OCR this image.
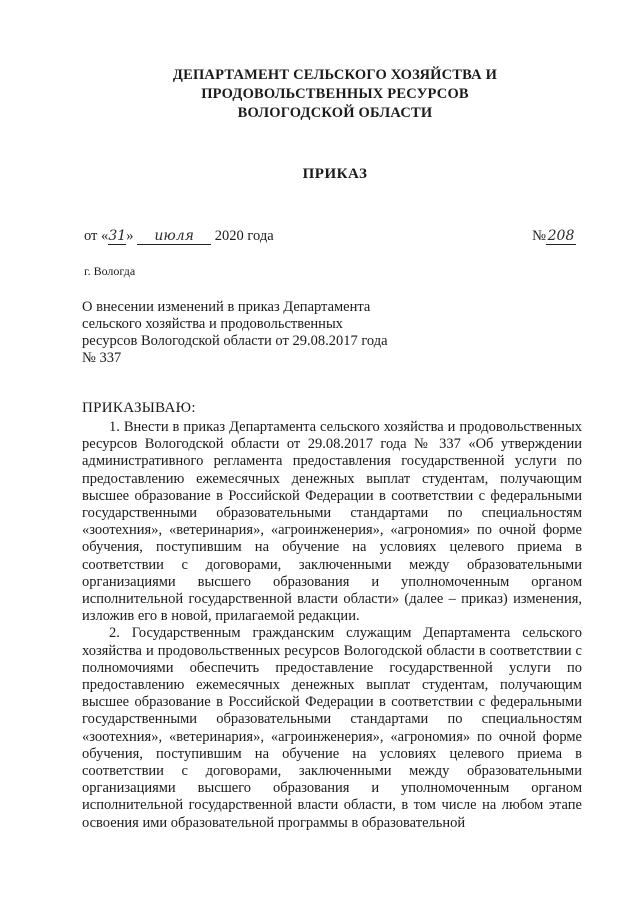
ДЕПАРТАМЕНТ СЕЛЬСКОГО ХОЗЯЙСТВА И
ПРОДОВОЛЬСТВЕННЫХ РЕСУРСОВ
ВОЛОГОДСКОЙ ОБЛАСТИ
ПРИКАЗ
от «31» июля 2020 года	№ 208
г. Вологда
О внесении изменений в приказ Департамента
сельского хозяйства и продовольственных
ресурсов Вологодской области от 29.08.2017 года
№ 337
ПРИКАЗЫВАЮ:

1. Внести в приказ Департамента сельского хозяйства и продовольственных ресурсов Вологодской области от 29.08.2017 года № 337 «Об утверждении административного регламента предоставления государственной услуги по предоставлению ежемесячных денежных выплат студентам, получающим высшее образование в Российской Федерации в соответствии с федеральными государственными образовательными стандартами по специальностям «зоотехния», «ветеринария», «агроинженерия», «агрономия» по очной форме обучения, поступившим на обучение на условиях целевого приема в соответствии с договорами, заключенными между образовательными организациями высшего образования и уполномоченным органом исполнительной государственной власти области» (далее – приказ) изменения, изложив его в новой, прилагаемой редакции.

2. Государственным гражданским служащим Департамента сельского хозяйства и продовольственных ресурсов Вологодской области в соответствии с полномочиями обеспечить предоставление государственной услуги по предоставлению ежемесячных денежных выплат студентам, получающим высшее образование в Российской Федерации в соответствии с федеральными государственными образовательными стандартами по специальностям «зоотехния», «ветеринария», «агроинженерия», «агрономия» по очной форме обучения, поступившим на обучение на условиях целевого приема в соответствии с договорами, заключенными между образовательными организациями высшего образования и уполномоченным органом исполнительной государственной власти области, в том числе на любом этапе освоения ими образовательной программы в образовательной
